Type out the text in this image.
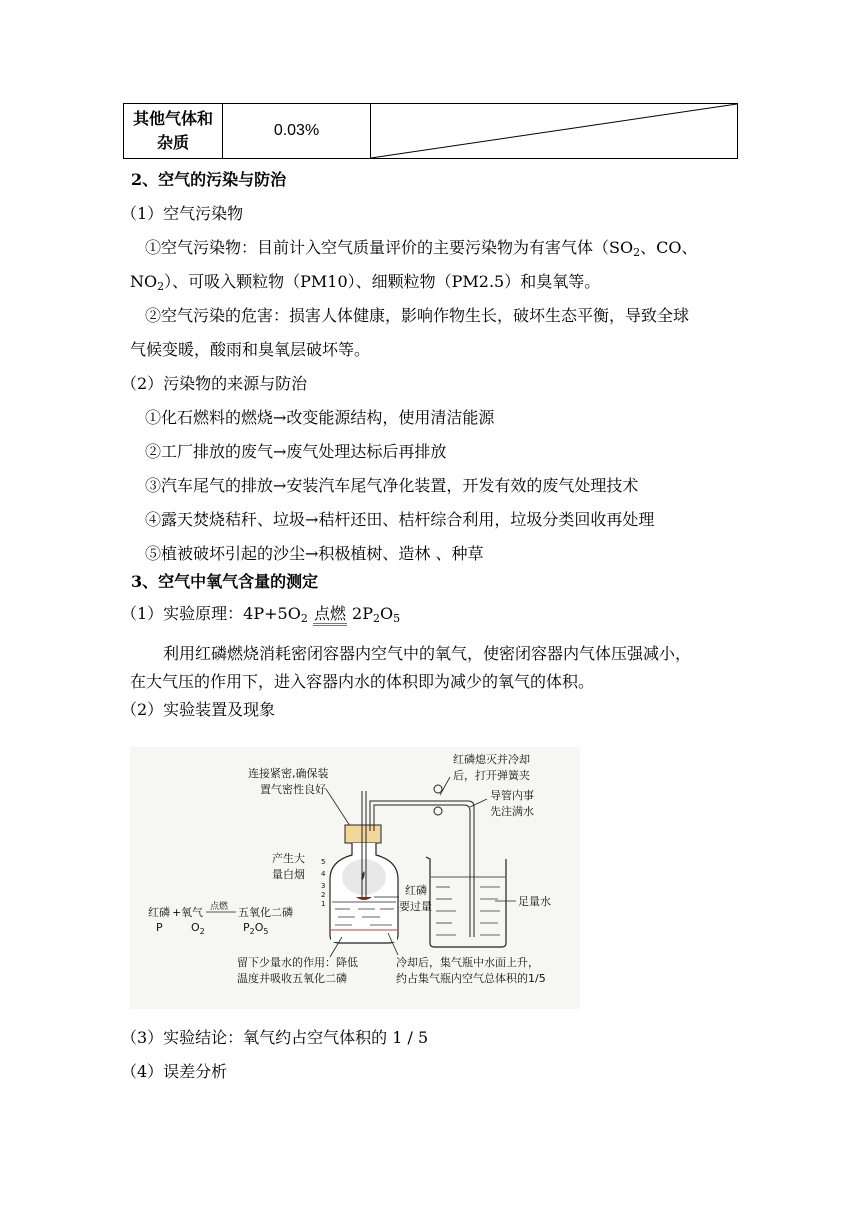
其他气体和
杂质
	0.03%	
2、空气的污染与防治
（1）空气污染物
①空气污染物：目前计入空气质量评价的主要污染物为有害气体（$SO_2$、CO、
$NO_2$）、可吸入颗粒物（PM10）、细颗粒物（PM2.5）和臭氧等。
②空气污染的危害：损害人体健康，影响作物生长，破坏生态平衡，导致全球
气候变暖，酸雨和臭氧层破坏等。
（2）污染物的来源与防治
①化石燃料的燃烧→改变能源结构，使用清洁能源
②工厂排放的废气→废气处理达标后再排放
③汽车尾气的排放→安装汽车尾气净化装置，开发有效的废气处理技术
④露天焚烧秸秆、垃圾→秸杆还田、桔杆综合利用，垃圾分类回收再处理
⑤植被破坏引起的沙尘→积极植树、造林 、种草
3、空气中氧气含量的测定
（1）实验原理：$4P+5O_2$ 点燃 $2P_2O_5$
利用红磷燃烧消耗密闭容器内空气中的氧气，使密闭容器内气体压强减小，
在大气压的作用下，进入容器内水的体积即为减少的氧气的体积。
（2）实验装置及现象
连接紧密,确保装
置气密性良好
红磷熄灭并冷却
后，打开弹簧夹
导管内事
先注满水
5
4
3
2
1
产生大
量白烟
红磷
要过量	足量水
红磷 + 氧气 点燃 五氧化二磷
P	$O_2$	$P_2O_5$
留下少量水的作用：降低
温度并吸收五氧化二磷
冷却后，集气瓶中水面上升，
约占集气瓶内空气总体积的1/5
（3）实验结论：氧气约占空气体积的 1 / 5
（4）误差分析
